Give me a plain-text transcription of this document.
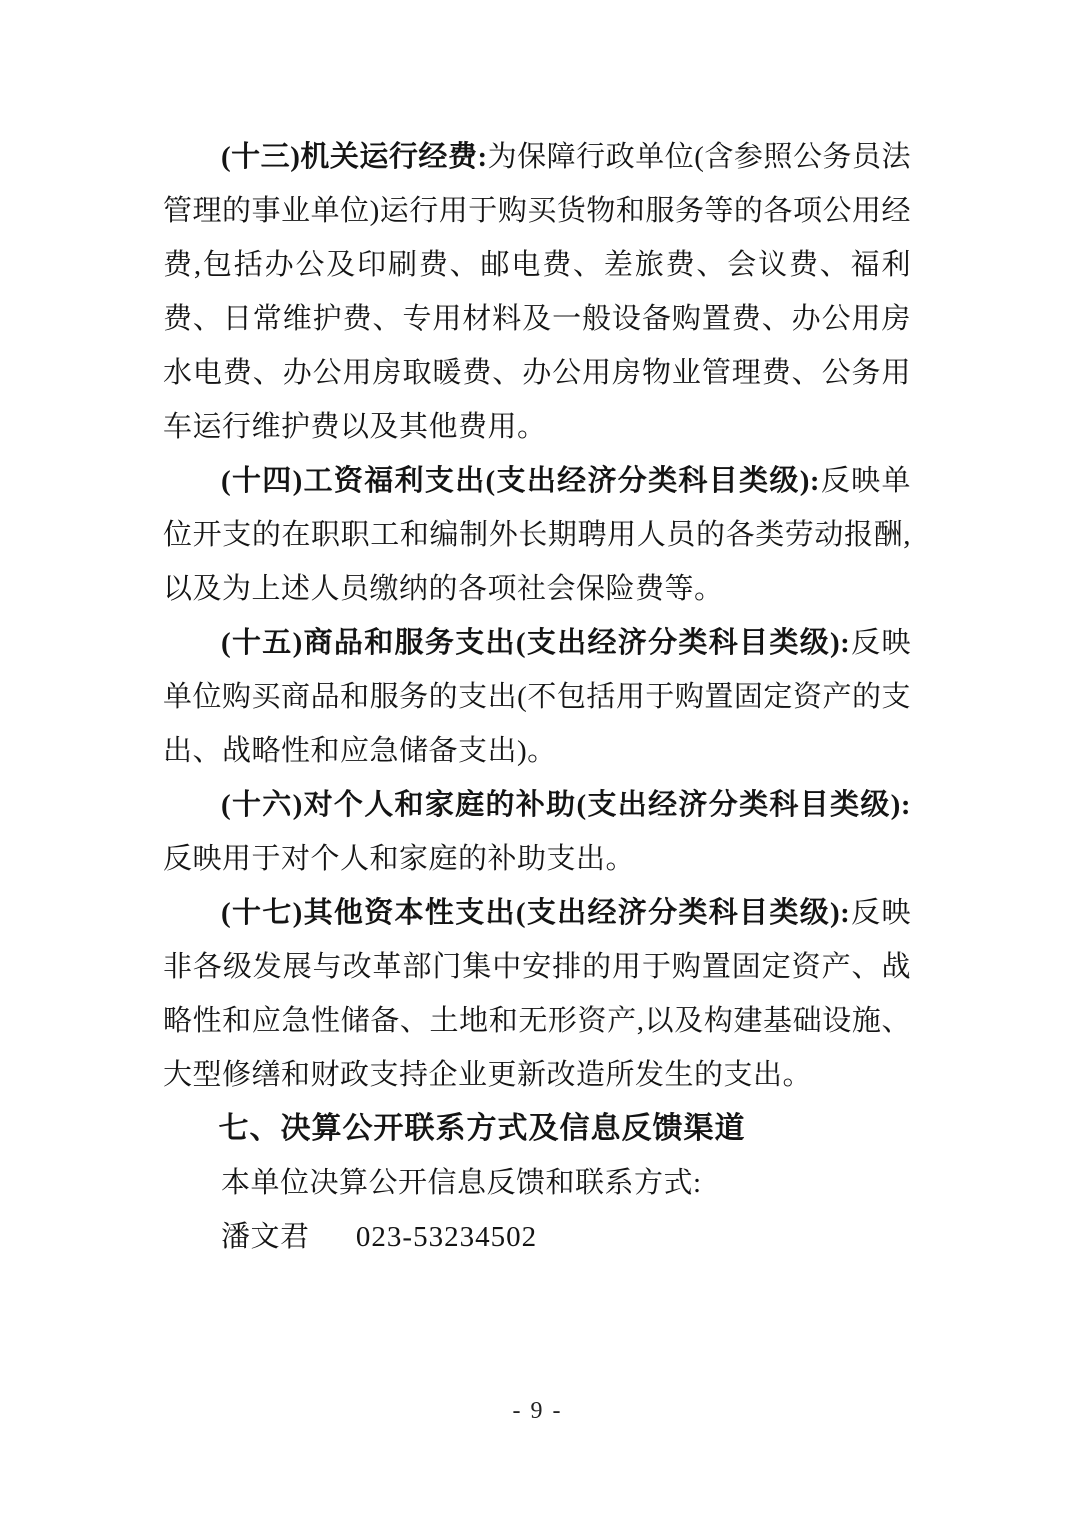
(十三)机关运行经费:为保障行政单位(含参照公务员法管理的事业单位)运行用于购买货物和服务等的各项公用经费,包括办公及印刷费、邮电费、差旅费、会议费、福利费、日常维护费、专用材料及一般设备购置费、办公用房水电费、办公用房取暖费、办公用房物业管理费、公务用车运行维护费以及其他费用。

(十四)工资福利支出(支出经济分类科目类级):反映单位开支的在职职工和编制外长期聘用人员的各类劳动报酬,以及为上述人员缴纳的各项社会保险费等。

(十五)商品和服务支出(支出经济分类科目类级):反映单位购买商品和服务的支出(不包括用于购置固定资产的支出、战略性和应急储备支出)。

(十六)对个人和家庭的补助(支出经济分类科目类级):反映用于对个人和家庭的补助支出。

(十七)其他资本性支出(支出经济分类科目类级):反映非各级发展与改革部门集中安排的用于购置固定资产、战略性和应急性储备、土地和无形资产,以及构建基础设施、大型修缮和财政支持企业更新改造所发生的支出。

七、决算公开联系方式及信息反馈渠道

本单位决算公开信息反馈和联系方式:

潘文君 023-53234502

- 9 -
